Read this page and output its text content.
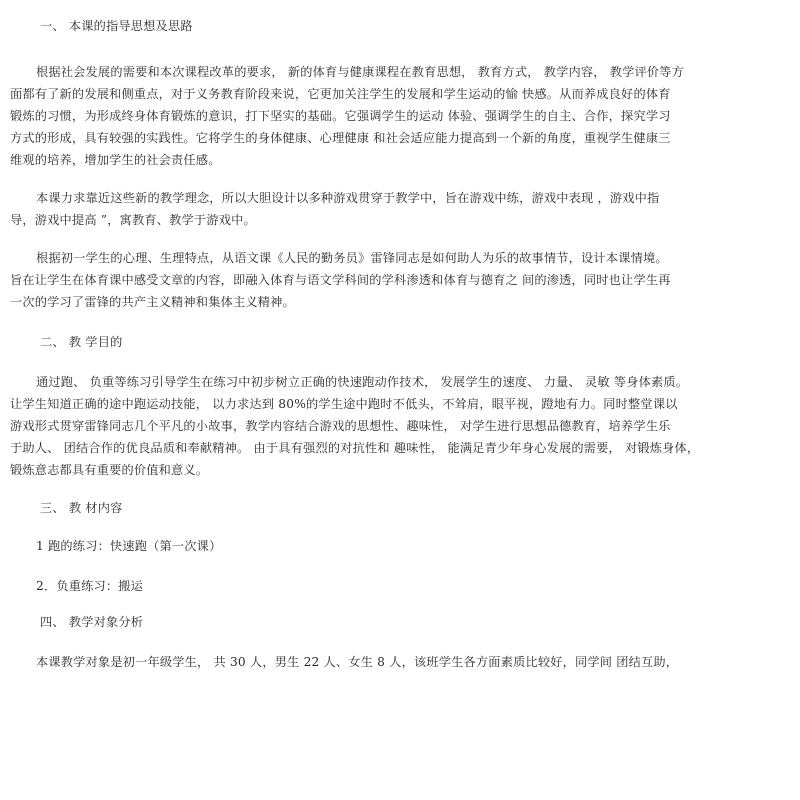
一、 本课的指导思想及思路
根据社会发展的需要和本次课程改革的要求， 新的体育与健康课程在教育思想， 教育方式， 教学内容， 教学评价等方
面都有了新的发展和侧重点，对于义务教育阶段来说，它更加关注学生的发展和学生运动的愉 快感。从而养成良好的体育
锻炼的习惯，为形成终身体育锻炼的意识，打下坚实的基础。它强调学生的运动 体验、强调学生的自主、合作，探究学习
方式的形成，具有较强的实践性。它将学生的身体健康、心理健康 和社会适应能力提高到一个新的角度，重视学生健康三
维观的培养，增加学生的社会责任感。
本课力求靠近这些新的教学理念，所以大胆设计以多种游戏贯穿于教学中，旨在游戏中练，游戏中表现 ，游戏中指
导，游戏中提高 ”，寓教育、教学于游戏中。
根据初一学生的心理、生理特点，从语文课《人民的勤务员》雷锋同志是如何助人为乐的故事情节，设计本课情境。
旨在让学生在体育课中感受文章的内容，即融入体育与语文学科间的学科渗透和体育与德育之 间的渗透，同时也让学生再
一次的学习了雷锋的共产主义精神和集体主义精神。
二、 教 学目的
通过跑、 负重等练习引导学生在练习中初步树立正确的快速跑动作技术， 发展学生的速度、 力量、 灵敏 等身体素质。
让学生知道正确的途中跑运动技能， 以力求达到 80%的学生途中跑时不低头，不耸肩，眼平视，蹬地有力。同时整堂课以
游戏形式贯穿雷锋同志几个平凡的小故事，教学内容结合游戏的思想性、趣味性， 对学生进行思想品德教育，培养学生乐
于助人、 团结合作的优良品质和奉献精神。 由于具有强烈的对抗性和 趣味性， 能满足青少年身心发展的需要， 对锻炼身体，
锻炼意志都具有重要的价值和意义。
三、 教 材内容
1 跑的练习：快速跑（第一次课）
2．负重练习：搬运
四、 教学对象分析
本课教学对象是初一年级学生， 共 30 人，男生 22 人、女生 8 人，该班学生各方面素质比较好，同学间 团结互助，
